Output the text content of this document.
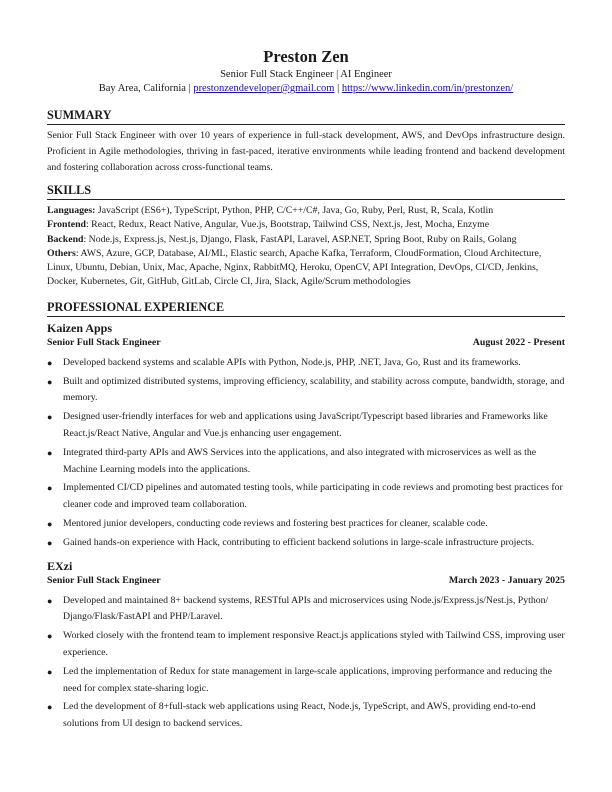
Preston Zen
Senior Full Stack Engineer | AI Engineer
Bay Area, California | prestonzendeveloper@gmail.com | https://www.linkedin.com/in/prestonzen/
SUMMARY
Senior Full Stack Engineer with over 10 years of experience in full-stack development, AWS, and DevOps infrastructure design. Proficient in Agile methodologies, thriving in fast-paced, iterative environments while leading frontend and backend development and fostering collaboration across cross-functional teams.
SKILLS
Languages: JavaScript (ES6+), TypeScript, Python, PHP, C/C++/C#, Java, Go, Ruby, Perl, Rust, R, Scala, Kotlin
Frontend: React, Redux, React Native, Angular, Vue.js, Bootstrap, Tailwind CSS, Next.js, Jest, Mocha, Enzyme
Backend: Node.js, Express.js, Nest.js, Django, Flask, FastAPI, Laravel, ASP.NET, Spring Boot, Ruby on Rails, Golang
Others: AWS, Azure, GCP, Database, AI/ML, Elastic search, Apache Kafka, Terraform, CloudFormation, Cloud Architecture, Linux, Ubuntu, Debian, Unix, Mac, Apache, Nginx, RabbitMQ, Heroku, OpenCV, API Integration, DevOps, CI/CD, Jenkins, Docker, Kubernetes, Git, GitHub, GitLab, Circle CI, Jira, Slack, Agile/Scrum methodologies
PROFESSIONAL EXPERIENCE
Kaizen Apps
Senior Full Stack Engineer	August 2022 - Present
● Developed backend systems and scalable APIs with Python, Node.js, PHP, .NET, Java, Go, Rust and its frameworks.
● Built and optimized distributed systems, improving efficiency, scalability, and stability across compute, bandwidth, storage, and memory.
● Designed user-friendly interfaces for web and applications using JavaScript/Typescript based libraries and Frameworks like React.js/React Native, Angular and Vue.js enhancing user engagement.
● Integrated third-party APIs and AWS Services into the applications, and also integrated with microservices as well as the Machine Learning models into the applications.
● Implemented CI/CD pipelines and automated testing tools, while participating in code reviews and promoting best practices for cleaner code and improved team collaboration.
● Mentored junior developers, conducting code reviews and fostering best practices for cleaner, scalable code.
● Gained hands-on experience with Hack, contributing to efficient backend solutions in large-scale infrastructure projects.
EXzi
Senior Full Stack Engineer	March 2023 - January 2025
● Developed and maintained 8+ backend systems, RESTful APIs and microservices using Node.js/Express.js/Nest.js, Python/ Django/Flask/FastAPI and PHP/Laravel.
● Worked closely with the frontend team to implement responsive React.js applications styled with Tailwind CSS, improving user experience.
● Led the implementation of Redux for state management in large-scale applications, improving performance and reducing the need for complex state-sharing logic.
● Led the development of 8+full-stack web applications using React, Node.js, TypeScript, and AWS, providing end-to-end solutions from UI design to backend services.
